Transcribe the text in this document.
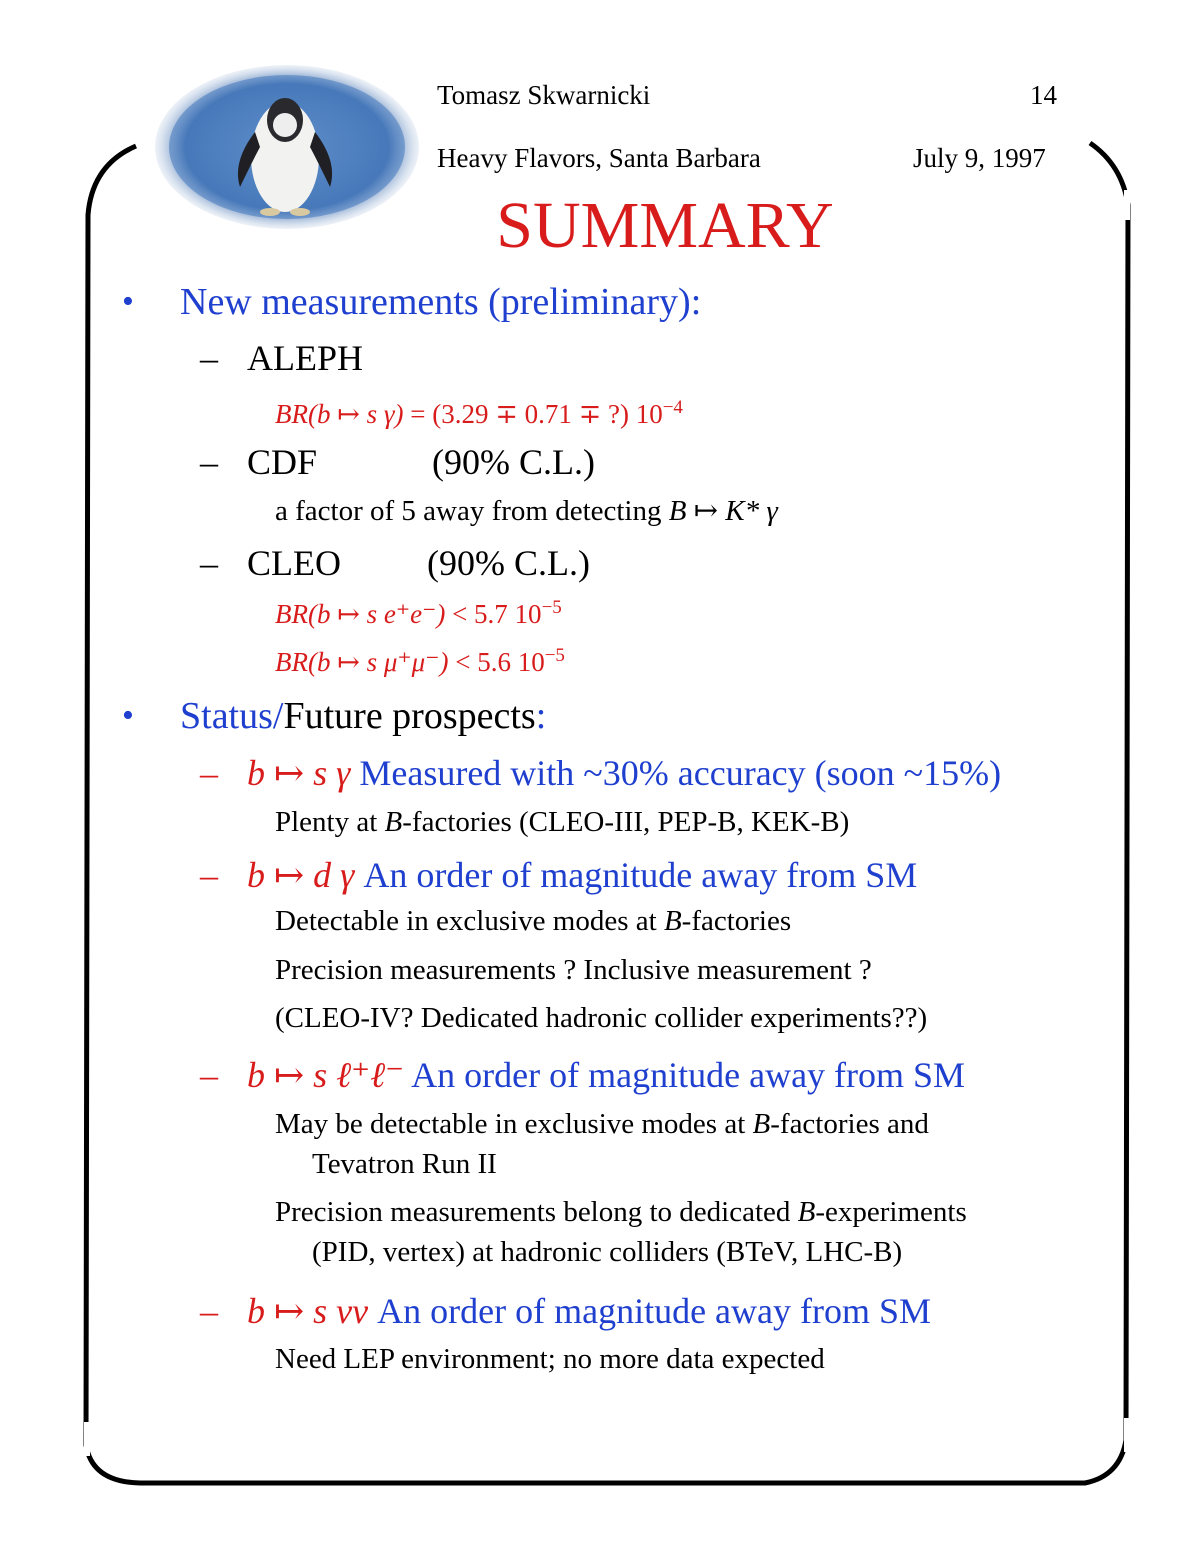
Tomasz Skwarnicki	14
Heavy Flavors, Santa Barbara	July 9, 1997
SUMMARY
• New measurements (preliminary):
– ALEPH
BR(b ↦ s γ) = (3.29 ∓ 0.71 ∓ ?) $10^{-4}$
– CDF	(90% C.L.)
a factor of 5 away from detecting B ↦ K* γ
– CLEO (90% C.L.)
BR(b ↦ s e⁺e⁻) < 5.7 $10^{-5}$
BR(b ↦ s μ⁺μ⁻) < 5.6 $10^{-5}$
• Status/Future prospects:
– b ↦ s γ Measured with ~30% accuracy (soon ~15%)
Plenty at B-factories (CLEO-III, PEP-B, KEK-B)
– b ↦ d γ An order of magnitude away from SM
Detectable in exclusive modes at B-factories
Precision measurements ? Inclusive measurement ?
(CLEO-IV? Dedicated hadronic collider experiments??)
– b ↦ s ℓ⁺ℓ⁻ An order of magnitude away from SM
May be detectable in exclusive modes at B-factories and
Tevatron Run II
Precision measurements belong to dedicated B-experiments
(PID, vertex) at hadronic colliders (BTeV, LHC-B)
– b ↦ s νν An order of magnitude away from SM
Need LEP environment; no more data expected
